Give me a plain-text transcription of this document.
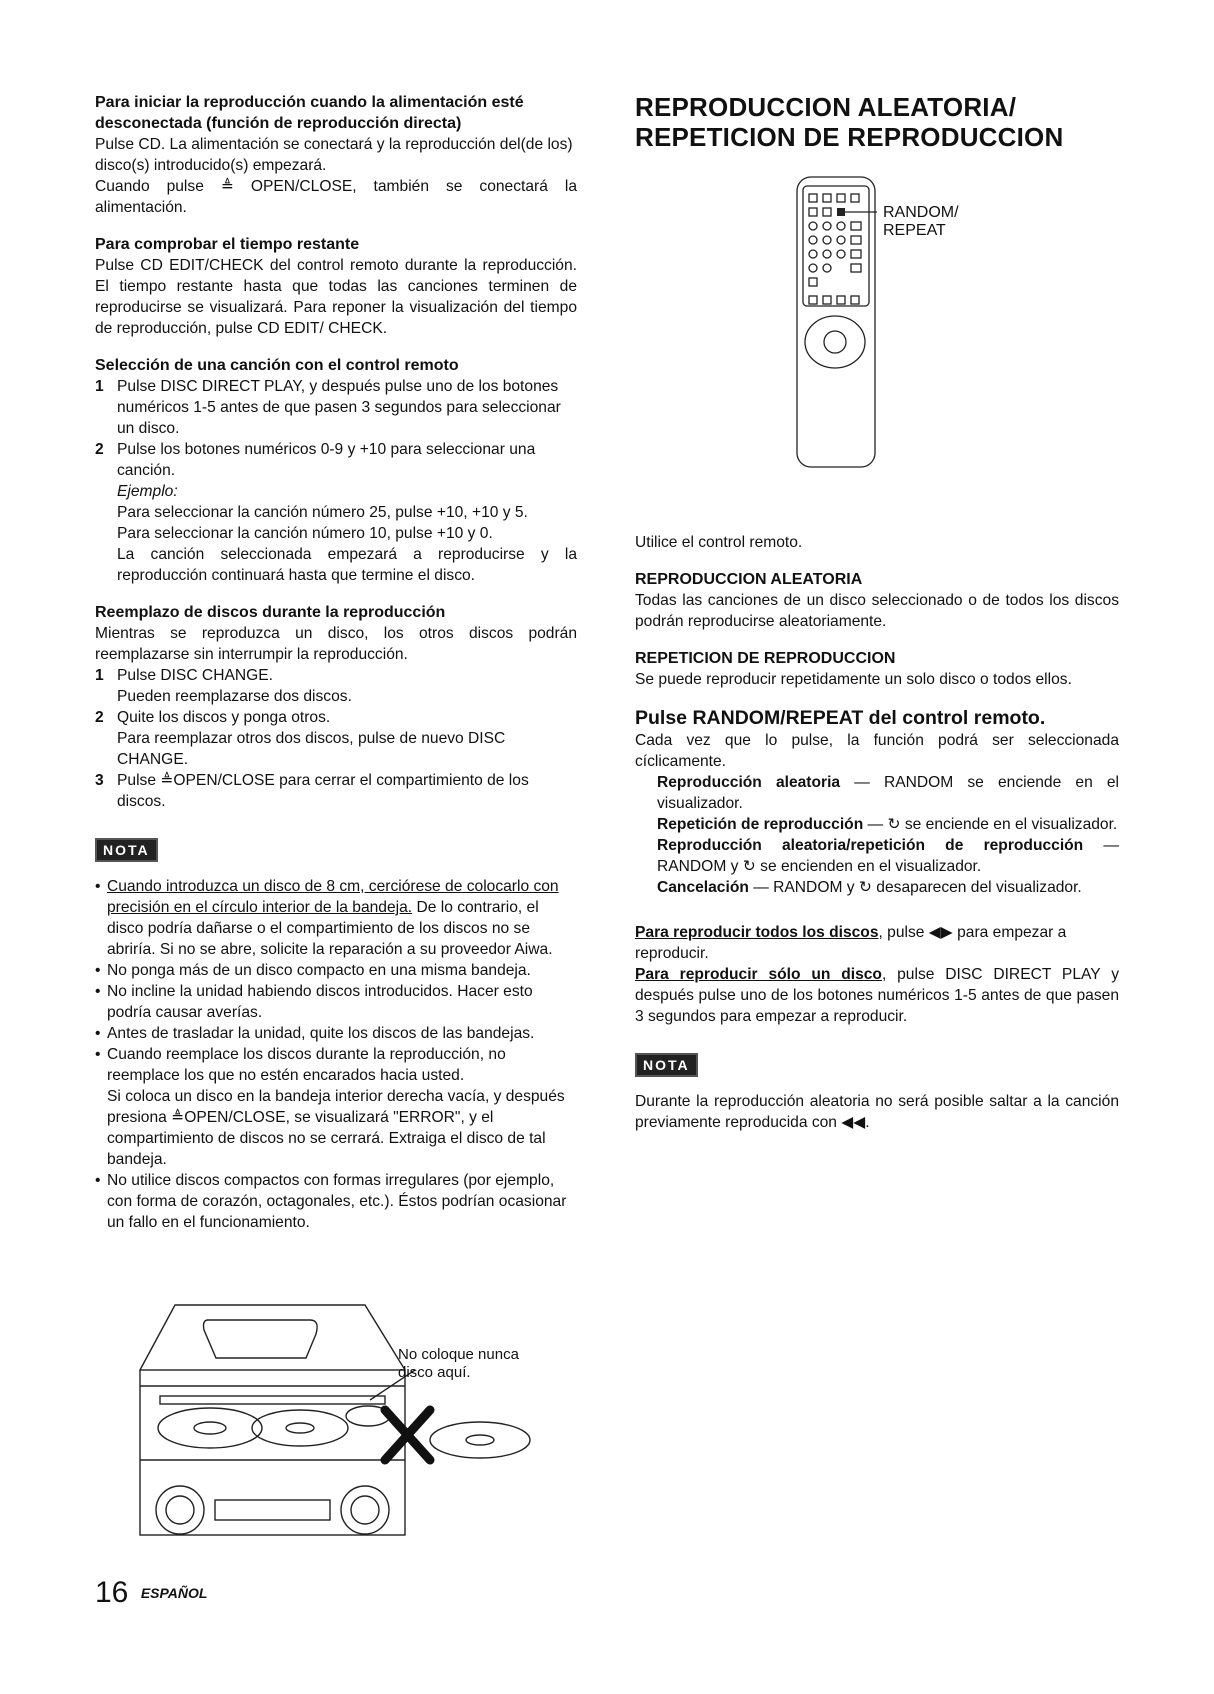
Para iniciar la reproducción cuando la alimentación esté desconectada (función de reproducción directa)

Pulse CD. La alimentación se conectará y la reproducción del(de los) disco(s) introducido(s) empezará.

Cuando pulse ≜ OPEN/CLOSE, también se conectará la alimentación.

Para comprobar el tiempo restante

Pulse CD EDIT/CHECK del control remoto durante la reproducción. El tiempo restante hasta que todas las canciones terminen de reproducirse se visualizará. Para reponer la visualización del tiempo de reproducción, pulse CD EDIT/ CHECK.

Selección de una canción con el control remoto

1 Pulse DISC DIRECT PLAY, y después pulse uno de los botones numéricos 1-5 antes de que pasen 3 segundos para seleccionar un disco.
2 Pulse los botones numéricos 0-9 y +10 para seleccionar una canción.

Ejemplo:

Para seleccionar la canción número 25, pulse +10, +10 y 5.

Para seleccionar la canción número 10, pulse +10 y 0.

La canción seleccionada empezará a reproducirse y la reproducción continuará hasta que termine el disco.

Reemplazo de discos durante la reproducción

Mientras se reproduzca un disco, los otros discos podrán reemplazarse sin interrumpir la reproducción.

1 Pulse DISC CHANGE.
Pueden reemplazarse dos discos.
2 Quite los discos y ponga otros.
Para reemplazar otros dos discos, pulse de nuevo DISC CHANGE.
3 Pulse ≜OPEN/CLOSE para cerrar el compartimiento de los discos.
NOTA
• Cuando introduzca un disco de 8 cm, cerciórese de colocarlo con precisión en el círculo interior de la bandeja. De lo contrario, el disco podría dañarse o el compartimiento de los discos no se abriría. Si no se abre, solicite la reparación a su proveedor Aiwa.
• No ponga más de un disco compacto en una misma bandeja.
• No incline la unidad habiendo discos introducidos. Hacer esto podría causar averías.
• Antes de trasladar la unidad, quite los discos de las bandejas.
• Cuando reemplace los discos durante la reproducción, no reemplace los que no estén encarados hacia usted.
Si coloca un disco en la bandeja interior derecha vacía, y después presiona ≜OPEN/CLOSE, se visualizará "ERROR", y el compartimiento de discos no se cerrará. Extraiga el disco de tal bandeja.
• No utilice discos compactos con formas irregulares (por ejemplo, con forma de corazón, octagonales, etc.). Éstos podrían ocasionar un fallo en el funcionamiento.
No coloque nunca disco aquí.

REPRODUCCION ALEATORIA/

REPETICION DE REPRODUCCION

RANDOM/
REPEAT

Utilice el control remoto.

REPRODUCCION ALEATORIA

Todas las canciones de un disco seleccionado o de todos los discos podrán reproducirse aleatoriamente.

REPETICION DE REPRODUCCION

Se puede reproducir repetidamente un solo disco o todos ellos.

Pulse RANDOM/REPEAT del control remoto.

Cada vez que lo pulse, la función podrá ser seleccionada cíclicamente.

Reproducción aleatoria — RANDOM se enciende en el visualizador.

Repetición de reproducción — ↻ se enciende en el visualizador.

Reproducción aleatoria/repetición de reproducción — RANDOM y ↻ se encienden en el visualizador.

Cancelación — RANDOM y ↻ desaparecen del visualizador.

Para reproducir todos los discos, pulse ◀▶ para empezar a reproducir.

Para reproducir sólo un disco, pulse DISC DIRECT PLAY y después pulse uno de los botones numéricos 1-5 antes de que pasen 3 segundos para empezar a reproducir.

NOTA

Durante la reproducción aleatoria no será posible saltar a la canción previamente reproducida con ◀◀.

16 ESPAÑOL
